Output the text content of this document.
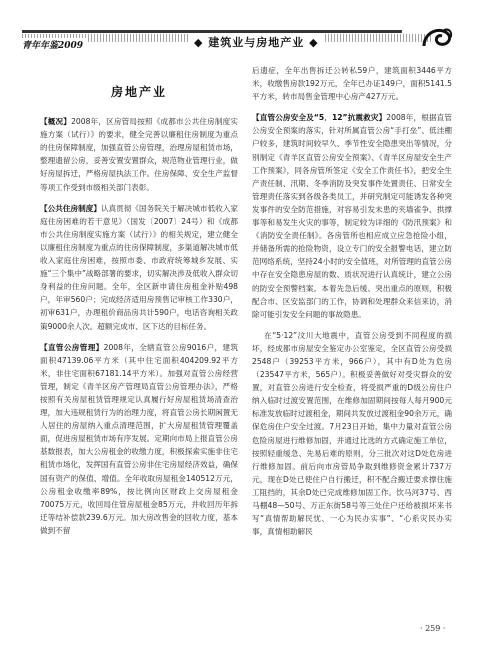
青年年鉴2009	◆ 建筑业与房地产业 ◆
房地产业

【概况】2008年，区房管局按照《成都市公共住房制度实施方案（试行）》的要求，健全完善以廉租住房制度为重点的住房保障制度，加强直管公房管理，治理房屋租赁市场，整理遗留公房，妥善安置安置群众，规范物业管理行业，做好房屋拆迁，严格房屋执法工作。住房保障、安全生产监督等项工作受到市级相关部门表彰。

【公共住房制度】认真贯彻《国务院关于解决城市低收入家庭住房困难的若干意见》（国发〔2007〕24号）和《成都市公共住房制度实施方案（试行）》的相关规定，建立健全以廉租住房制度为重点的住房保障制度，多渠道解决城市低收入家庭住房困难，按照市委、市政府统筹城乡发展、实施“三个集中”战略部署的要求，切实解决涉及低收入群众切身利益的住房问题。全年，全区新申请住房租金补贴498户，年审560户；完成经济适用房预售记审核工作330户，初审631户，办理租价商品房共计590户，电话咨询相关政策9000余人次。超额完成市、区下达的目标任务。

【直管公房管理】2008年，全辖直管公房9016户，建筑面积47139.06平方米（其中住宅面积404209.92平方米，非住宅面积67181.14平方米）。加强对直管公房经营管理，制定《青羊区房产管理局直管公房管理办法》，严格按照有关房屋租赁管理规定认真履行好房屋租赁场清查治理，加大违规租赁行为的治理力度，将直管公房长期闲置无人居住的房屋纳入重点清理范围，扩大房屋租赁管理覆盖面，促进房屋租赁市场有序发展。定期向市局上报直管公房基数报表，加大公房租金的收缴力度，积极探索实施非住宅租赁市场化，发挥国有直管公房非住宅房屋经济效益，确保国有资产的保值、增值。全年收取房屋租金140512万元，公房租金收缴率89%，按比例向区财政上交房屋租金70075万元，收回局住管房屋租金85万元，并收回历年拆迁等结补偿款239.6万元。加大房改售金的回收力度，基本做到不留

后遗症，全年出售拆迁公转私59户，建筑面积3446平方米，收缴售房款192万元，全年已办证149户，面积5141.5平方米，转市局售金管理中心房产427万元。

【直管公房安全及“5．12”抗震救灾】2008年，根据直管公房安全预案的落实，针对所属直管公房“手打垒”、低洼棚户较多，建筑时间较早久、季节性安全隐患突出等情况，分别制定《青羊区直管公房安全预案》、《青羊区房屋安全生产工作预案》，同各房管所签定《安全工作责任书》，把安全生产责任制、汛期、冬季消防及突发事件处置责任、日常安全管理责任落实到各级各类员工，并研究制定可能诱发各种突发事件的安全防范措施，对容易引发未患的夹墙雀争、拱撑事等和易发生火灾的事等，制定较为详细的《防汛预案》和《消防安全责任制》。各房管所也相应成立应急抢险小组，并储备所需的抢险物资，设立专门的安全报警电话，建立防范网络系统，坚持24小时的安全值班，对所管理的直管公房中存在安全隐患房屋的数、质状况进行认真统计，建立公房的防安全预警档案。本着先急后缓、突出重点的原则，积极配合市、区安监部门的工作，协调和处理群众来信来访，消除可能引发安全问题的事故隐患。

在“5·12”汶川大地震中，直管公房受到不同程度的损坏，经成都市房屋安全鉴定办公室鉴定，全区直管公房受损2548户（39253平方米，966户），其中有D处为危房（23547平方米，565户）。积极妥善做好对受灾群众的安置，对直管公房进行安全检查，将受损严重的D级公房住户纳入临时过渡安置范围，在维修加固期间按每人每月900元标准发放临时过渡租金，期间共发放过渡租金90余万元，确保危房住户安全过渡。7月23日开始，集中力量对直管公房危险房屋进行维修加固，并通过比选的方式确定施工单位，按照轻重缓急、先易后难的原则，分三批次对这D处危房进行维修加固。前后向市房管局争取到维修资金累计737万元，现在D处已使住户自行搬迁，积不配合搬迁要求撑住施工阻挡的，其余D处已完成维修加固工作。饮马河37号、西马棚48—50号、万正东街58号等三处住户还给被损坏来书写“真情帮助解民忧、一心为民办实事”、“心系灾民办实事，真情相助解民

· 259 ·
